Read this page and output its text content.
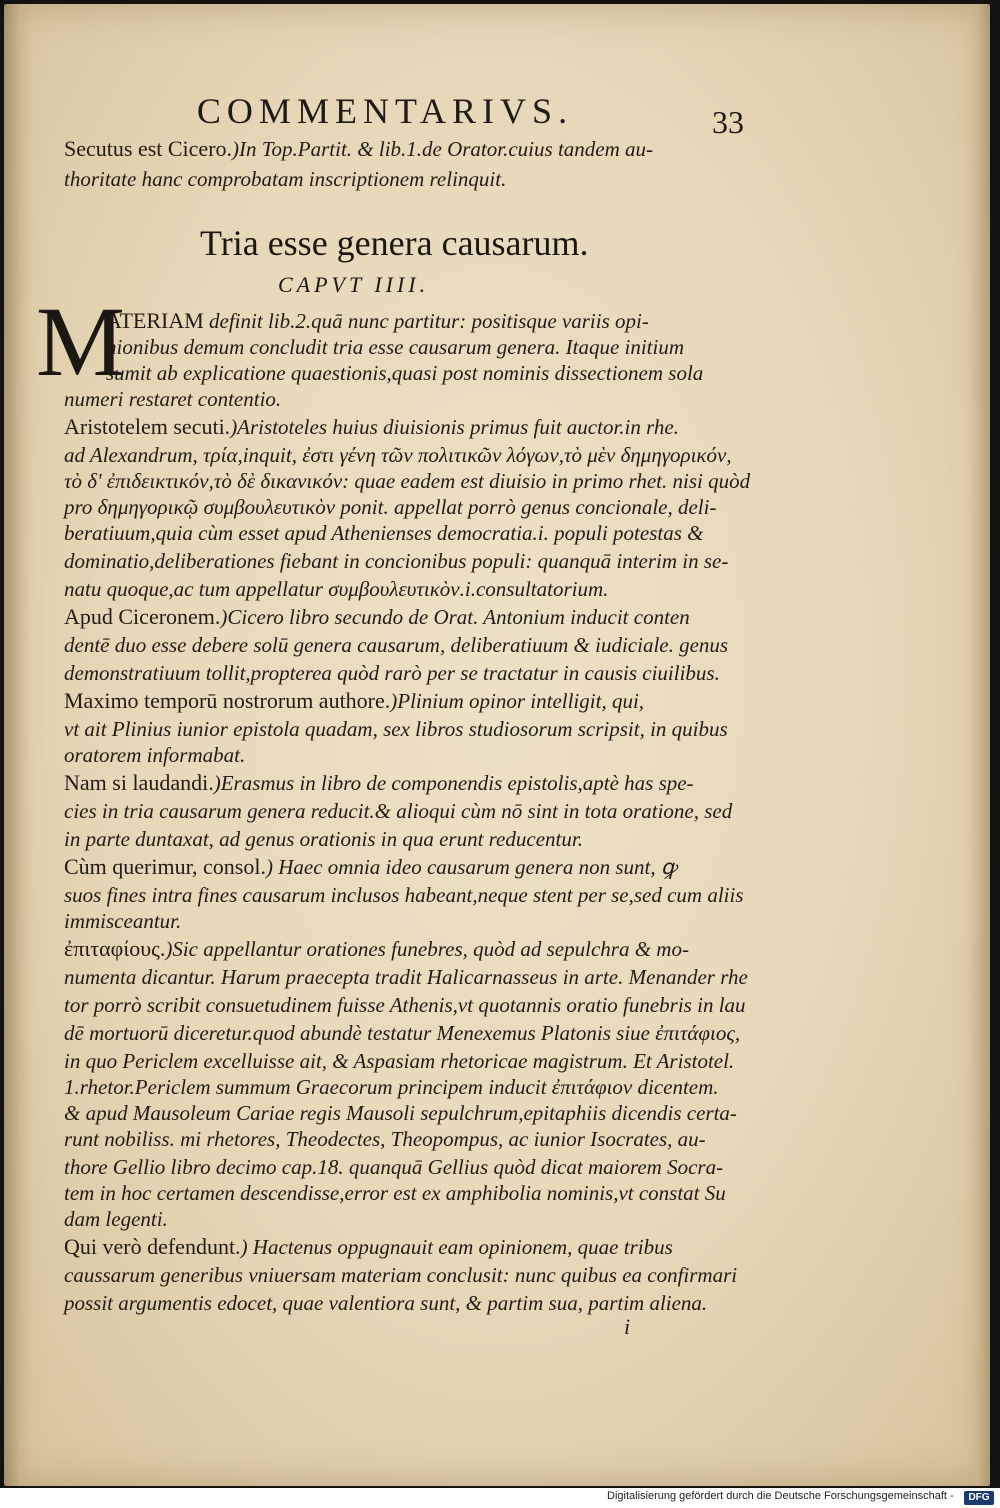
COMMENTARIVS.	33
Secutus est Cicero.)In Top.Partit. & lib.1.de Orator.cuius tandem au-
thoritate hanc comprobatam inscriptionem relinquit.
Tria esse genera causarum.
CAPVT IIII.
M
ATERIAM definit lib.2.quā nunc partitur: positisque variis opi-
nionibus demum concludit tria esse causarum genera. Itaque initium
sumit ab explicatione quaestionis,quasi post nominis dissectionem sola
numeri restaret contentio.
Aristotelem secuti.)Aristoteles huius diuisionis primus fuit auctor.in rhe.
ad Alexandrum, τρία,inquit, ἐστι γένη τῶν πολιτικῶν λόγων,τὸ μὲν δημηγορικόν,
τὸ δ' ἐπιδεικτικόν,τὸ δὲ δικανικόν: quae eadem est diuisio in primo rhet. nisi quòd
pro δημηγορικῷ συμβουλευτικὸν ponit. appellat porrò genus concionale, deli-
beratiuum,quia cùm esset apud Athenienses democratia.i. populi potestas &
dominatio,deliberationes fiebant in concionibus populi: quanquā interim in se-
natu quoque,ac tum appellatur συμβουλευτικὸν.i.consultatorium.
Apud Ciceronem.)Cicero libro secundo de Orat. Antonium inducit conten
dentē duo esse debere solū genera causarum, deliberatiuum & iudiciale. genus
demonstratiuum tollit,propterea quòd rarò per se tractatur in causis ciuilibus.
Maximo temporū nostrorum authore.)Plinium opinor intelligit, qui,
vt ait Plinius iunior epistola quadam, sex libros studiosorum scripsit, in quibus
oratorem informabat.
Nam si laudandi.)Erasmus in libro de componendis epistolis,aptè has spe-
cies in tria causarum genera reducit.& alioqui cùm nō sint in tota oratione, sed
in parte duntaxat, ad genus orationis in qua erunt reducentur.
Cùm querimur, consol.) Haec omnia ideo causarum genera non sunt, ꝙ
suos fines intra fines causarum inclusos habeant,neque stent per se,sed cum aliis
immisceantur.
ἐπιταφίους.)Sic appellantur orationes funebres, quòd ad sepulchra & mo-
numenta dicantur. Harum praecepta tradit Halicarnasseus in arte. Menander rhe
tor porrò scribit consuetudinem fuisse Athenis,vt quotannis oratio funebris in lau
dē mortuorū diceretur.quod abundè testatur Menexemus Platonis siue ἐπιτάφιος,
in quo Periclem excelluisse ait, & Aspasiam rhetoricae magistrum. Et Aristotel.
1.rhetor.Periclem summum Graecorum principem inducit ἐπιτάφιον dicentem.
& apud Mausoleum Cariae regis Mausoli sepulchrum,epitaphiis dicendis certa-
runt nobiliss. mi rhetores, Theodectes, Theopompus, ac iunior Isocrates, au-
thore Gellio libro decimo cap.18. quanquā Gellius quòd dicat maiorem Socra-
tem in hoc certamen descendisse,error est ex amphibolia nominis,vt constat Su
dam legenti.
Qui verò defendunt.) Hactenus oppugnauit eam opinionem, quae tribus
caussarum generibus vniuersam materiam conclusit: nunc quibus ea confirmari
possit argumentis edocet, quae valentiora sunt, & partim sua, partim aliena.
i
Digitalisierung gefördert durch die Deutsche Forschungsgemeinschaft -	DFG
